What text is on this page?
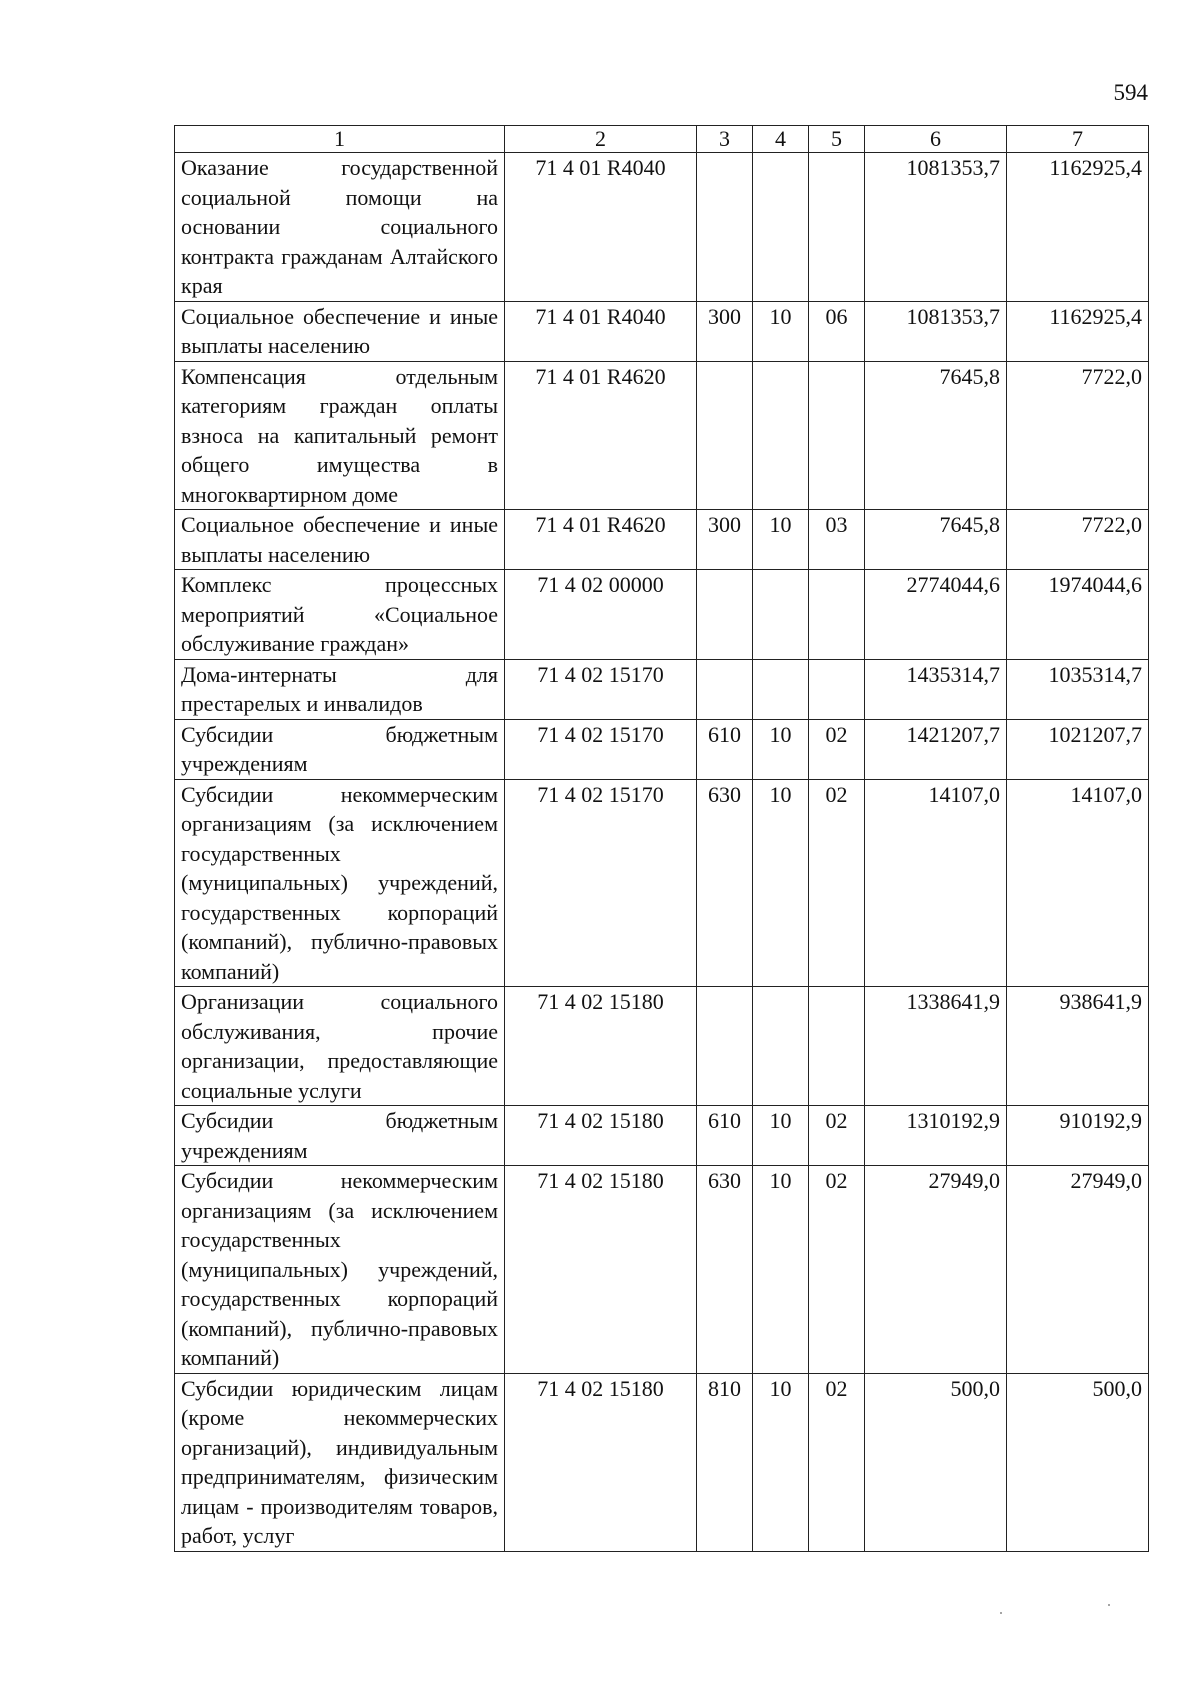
594
1	2	3	4	5	6	7
Оказание государственной социальной помощи на основании социального контракта гражданам Алтайского края	71 4 01 R4040				1081353,7	1162925,4
Социальное обеспечение и иные выплаты населению	71 4 01 R4040	300	10	06	1081353,7	1162925,4
Компенсация отдельным категориям граждан оплаты взноса на капитальный ремонт общего имущества в многоквартирном доме	71 4 01 R4620				7645,8	7722,0
Социальное обеспечение и иные выплаты населению	71 4 01 R4620	300	10	03	7645,8	7722,0
Комплекс процессных мероприятий «Социальное обслуживание граждан»	71 4 02 00000				2774044,6	1974044,6
Дома-интернаты для престарелых и инвалидов	71 4 02 15170				1435314,7	1035314,7
Субсидии бюджетным учреждениям	71 4 02 15170	610	10	02	1421207,7	1021207,7
Субсидии некоммерческим организациям (за исключением государственных (муниципальных) учреждений, государственных корпораций (компаний), публично-правовых компаний)	71 4 02 15170	630	10	02	14107,0	14107,0
Организации социального обслуживания, прочие организации, предоставляющие социальные услуги	71 4 02 15180				1338641,9	938641,9
Субсидии бюджетным учреждениям	71 4 02 15180	610	10	02	1310192,9	910192,9
Субсидии некоммерческим организациям (за исключением государственных (муниципальных) учреждений, государственных корпораций (компаний), публично-правовых компаний)	71 4 02 15180	630	10	02	27949,0	27949,0
Субсидии юридическим лицам (кроме некоммерческих организаций), индивидуальным предпринимателям, физическим лицам - производителям товаров, работ, услуг	71 4 02 15180	810	10	02	500,0	500,0
